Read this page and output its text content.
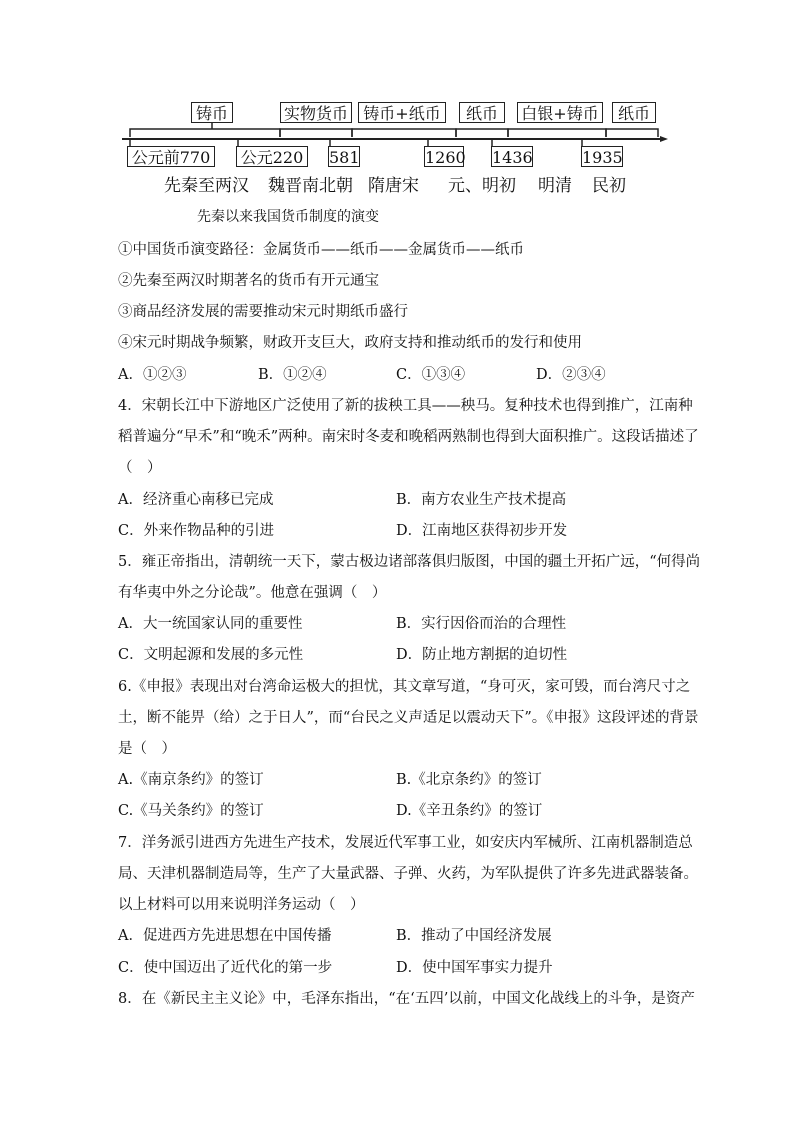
铸币	实物货币 铸币+纸币	纸币	白银+铸币	纸币
公元前770 公元220 581	1260 1436	1935
先秦至两汉 魏晋南北朝 隋唐宋 元、明初 明清 民初
先秦以来我国货币制度的演变
①中国货币演变路径：金属货币——纸币——金属货币——纸币
②先秦至两汉时期著名的货币有开元通宝
③商品经济发展的需要推动宋元时期纸币盛行
④宋元时期战争频繁，财政开支巨大，政府支持和推动纸币的发行和使用
A．①②③	B．①②④	C．①③④	D．②③④
4．宋朝长江中下游地区广泛使用了新的拔秧工具——秧马。复种技术也得到推广，江南种
稻普遍分“早禾”和“晚禾”两种。南宋时冬麦和晚稻两熟制也得到大面积推广。这段话描述了
（　）
A．经济重心南移已完成	B．南方农业生产技术提高
C．外来作物品种的引进	D．江南地区获得初步开发
5．雍正帝指出，清朝统一天下，蒙古极边诸部落俱归版图，中国的疆土开拓广远，“何得尚
有华夷中外之分论哉”。他意在强调（　）
A．大一统国家认同的重要性	B．实行因俗而治的合理性
C．文明起源和发展的多元性	D．防止地方割据的迫切性
6.《申报》表现出对台湾命运极大的担忧，其文章写道，“身可灭，家可毁，而台湾尺寸之
土，断不能畀（给）之于日人”，而“台民之义声适足以震动天下”。《申报》这段评述的背景
是（　）
A.《南京条约》的签订	B.《北京条约》的签订
C.《马关条约》的签订	D.《辛丑条约》的签订
7．洋务派引进西方先进生产技术，发展近代军事工业，如安庆内军械所、江南机器制造总
局、天津机器制造局等，生产了大量武器、子弹、火药，为军队提供了许多先进武器装备。
以上材料可以用来说明洋务运动（　）
A．促进西方先进思想在中国传播	B．推动了中国经济发展
C．使中国迈出了近代化的第一步	D．使中国军事实力提升
8．在《新民主主义论》中，毛泽东指出，“在‘五四’以前，中国文化战线上的斗争，是资产
